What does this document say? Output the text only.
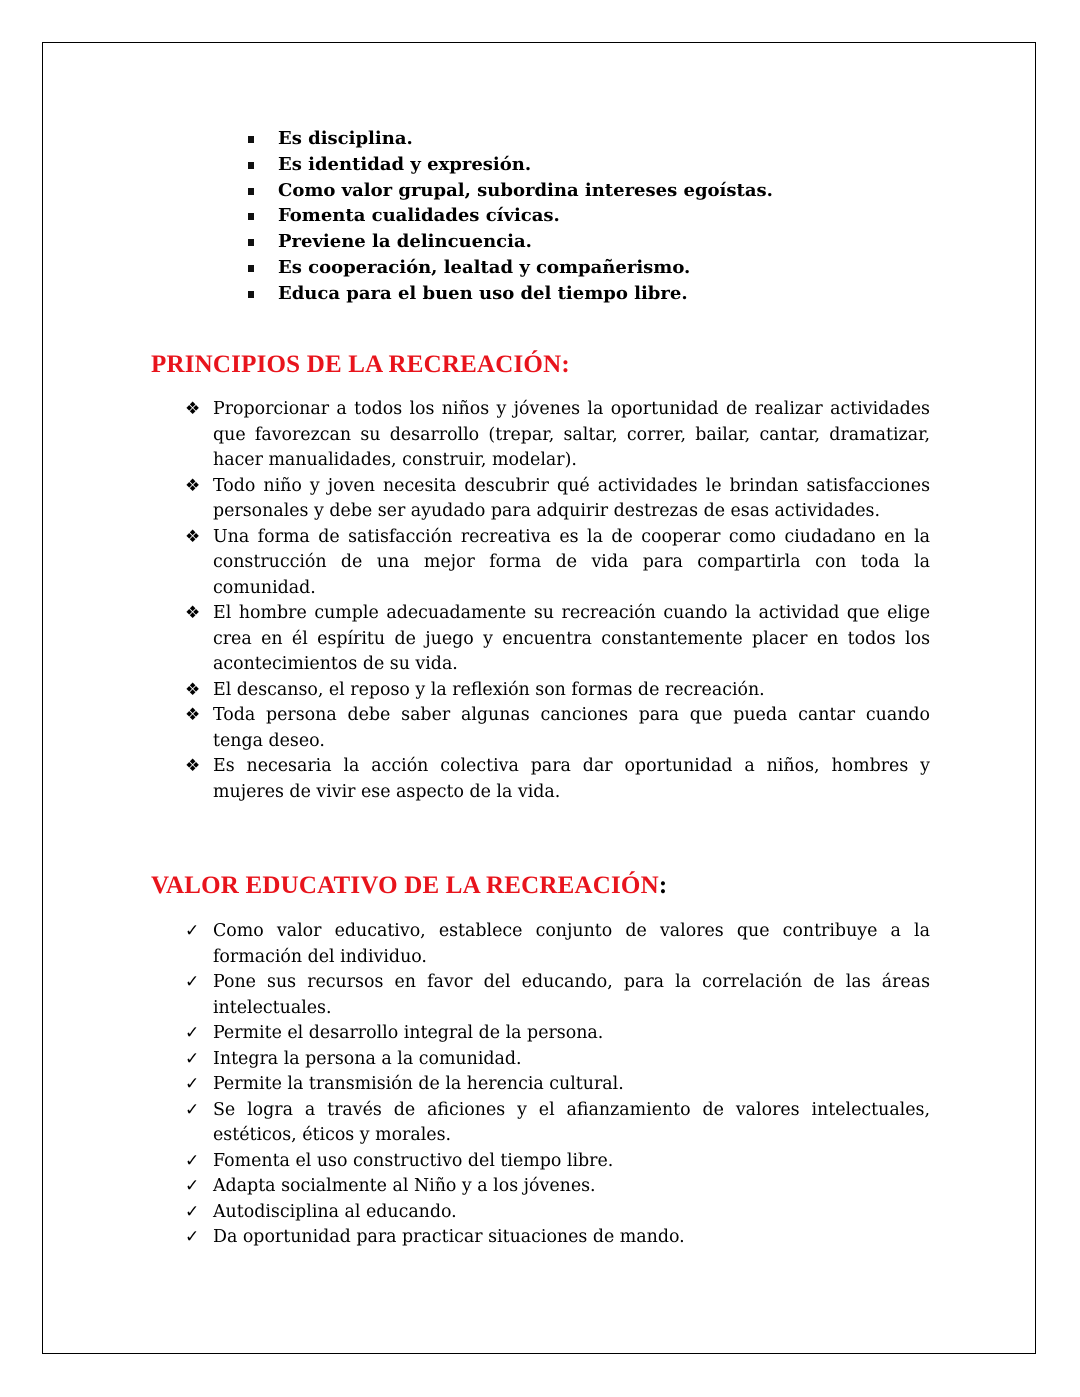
Es disciplina.
Es identidad y expresión.
Como valor grupal, subordina intereses egoístas.
Fomenta cualidades cívicas.
Previene la delincuencia.
Es cooperación, lealtad y compañerismo.
Educa para el buen uso del tiempo libre.
PRINCIPIOS DE LA RECREACIÓN:
❖ Proporcionar a todos los niños y jóvenes la oportunidad de realizar actividades que favorezcan su desarrollo (trepar, saltar, correr, bailar, cantar, dramatizar, hacer manualidades, construir, modelar).
❖ Todo niño y joven necesita descubrir qué actividades le brindan satisfacciones personales y debe ser ayudado para adquirir destrezas de esas actividades.
❖ Una forma de satisfacción recreativa es la de cooperar como ciudadano en la construcción de una mejor forma de vida para compartirla con toda la comunidad.
❖ El hombre cumple adecuadamente su recreación cuando la actividad que elige crea en él espíritu de juego y encuentra constantemente placer en todos los acontecimientos de su vida.
❖ El descanso, el reposo y la reflexión son formas de recreación.
❖ Toda persona debe saber algunas canciones para que pueda cantar cuando tenga deseo.
❖ Es necesaria la acción colectiva para dar oportunidad a niños, hombres y mujeres de vivir ese aspecto de la vida.
VALOR EDUCATIVO DE LA RECREACIÓN:
✓ Como valor educativo, establece conjunto de valores que contribuye a la formación del individuo.
✓ Pone sus recursos en favor del educando, para la correlación de las áreas intelectuales.
✓ Permite el desarrollo integral de la persona.
✓ Integra la persona a la comunidad.
✓ Permite la transmisión de la herencia cultural.
✓ Se logra a través de aficiones y el afianzamiento de valores intelectuales, estéticos, éticos y morales.
✓ Fomenta el uso constructivo del tiempo libre.
✓ Adapta socialmente al Niño y a los jóvenes.
✓ Autodisciplina al educando.
✓ Da oportunidad para practicar situaciones de mando.
